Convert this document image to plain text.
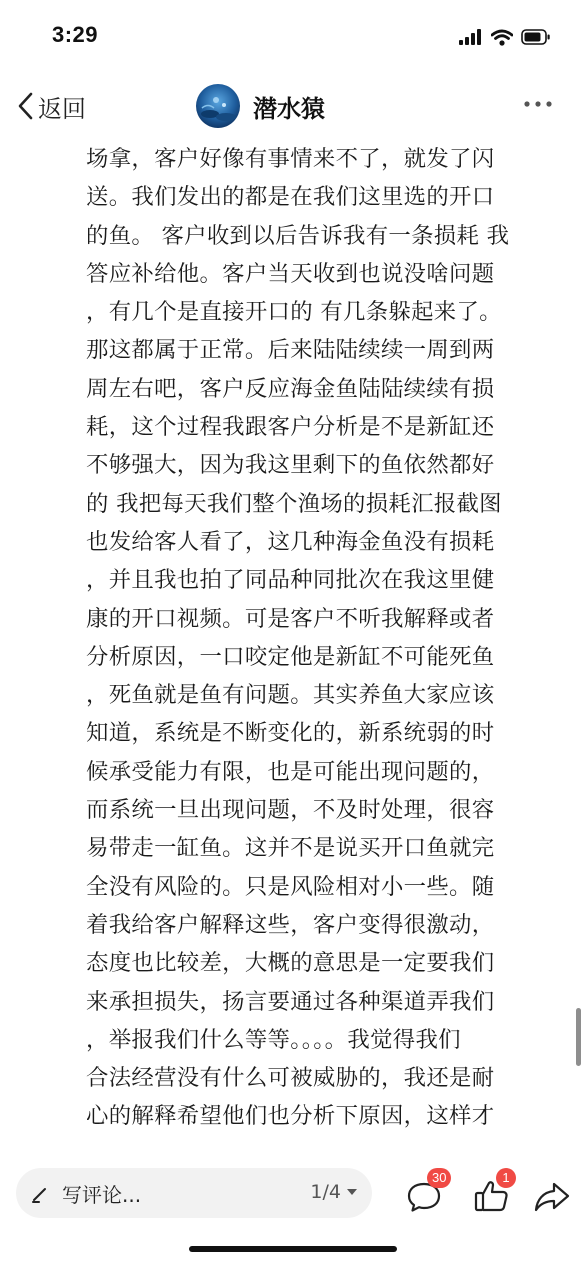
3:29
返回	潜水猿

场拿，客户好像有事情来不了，就发了闪

送。我们发出的都是在我们这里选的开口

的鱼。 客户收到以后告诉我有一条损耗 我

答应补给他。客户当天收到也说没啥问题

，有几个是直接开口的 有几条躲起来了。

那这都属于正常。后来陆陆续续一周到两

周左右吧，客户反应海金鱼陆陆续续有损

耗，这个过程我跟客户分析是不是新缸还

不够强大，因为我这里剩下的鱼依然都好

的 我把每天我们整个渔场的损耗汇报截图

也发给客人看了，这几种海金鱼没有损耗

，并且我也拍了同品种同批次在我这里健

康的开口视频。可是客户不听我解释或者

分析原因，一口咬定他是新缸不可能死鱼

，死鱼就是鱼有问题。其实养鱼大家应该

知道，系统是不断变化的，新系统弱的时

候承受能力有限，也是可能出现问题的，

而系统一旦出现问题，不及时处理，很容

易带走一缸鱼。这并不是说买开口鱼就完

全没有风险的。只是风险相对小一些。随

着我给客户解释这些，客户变得很激动，

态度也比较差，大概的意思是一定要我们

来承担损失，扬言要通过各种渠道弄我们

，举报我们什么等等。。。。我觉得我们

合法经营没有什么可被威胁的，我还是耐

心的解释希望他们也分析下原因，这样才

写评论...	1/4
30	1
